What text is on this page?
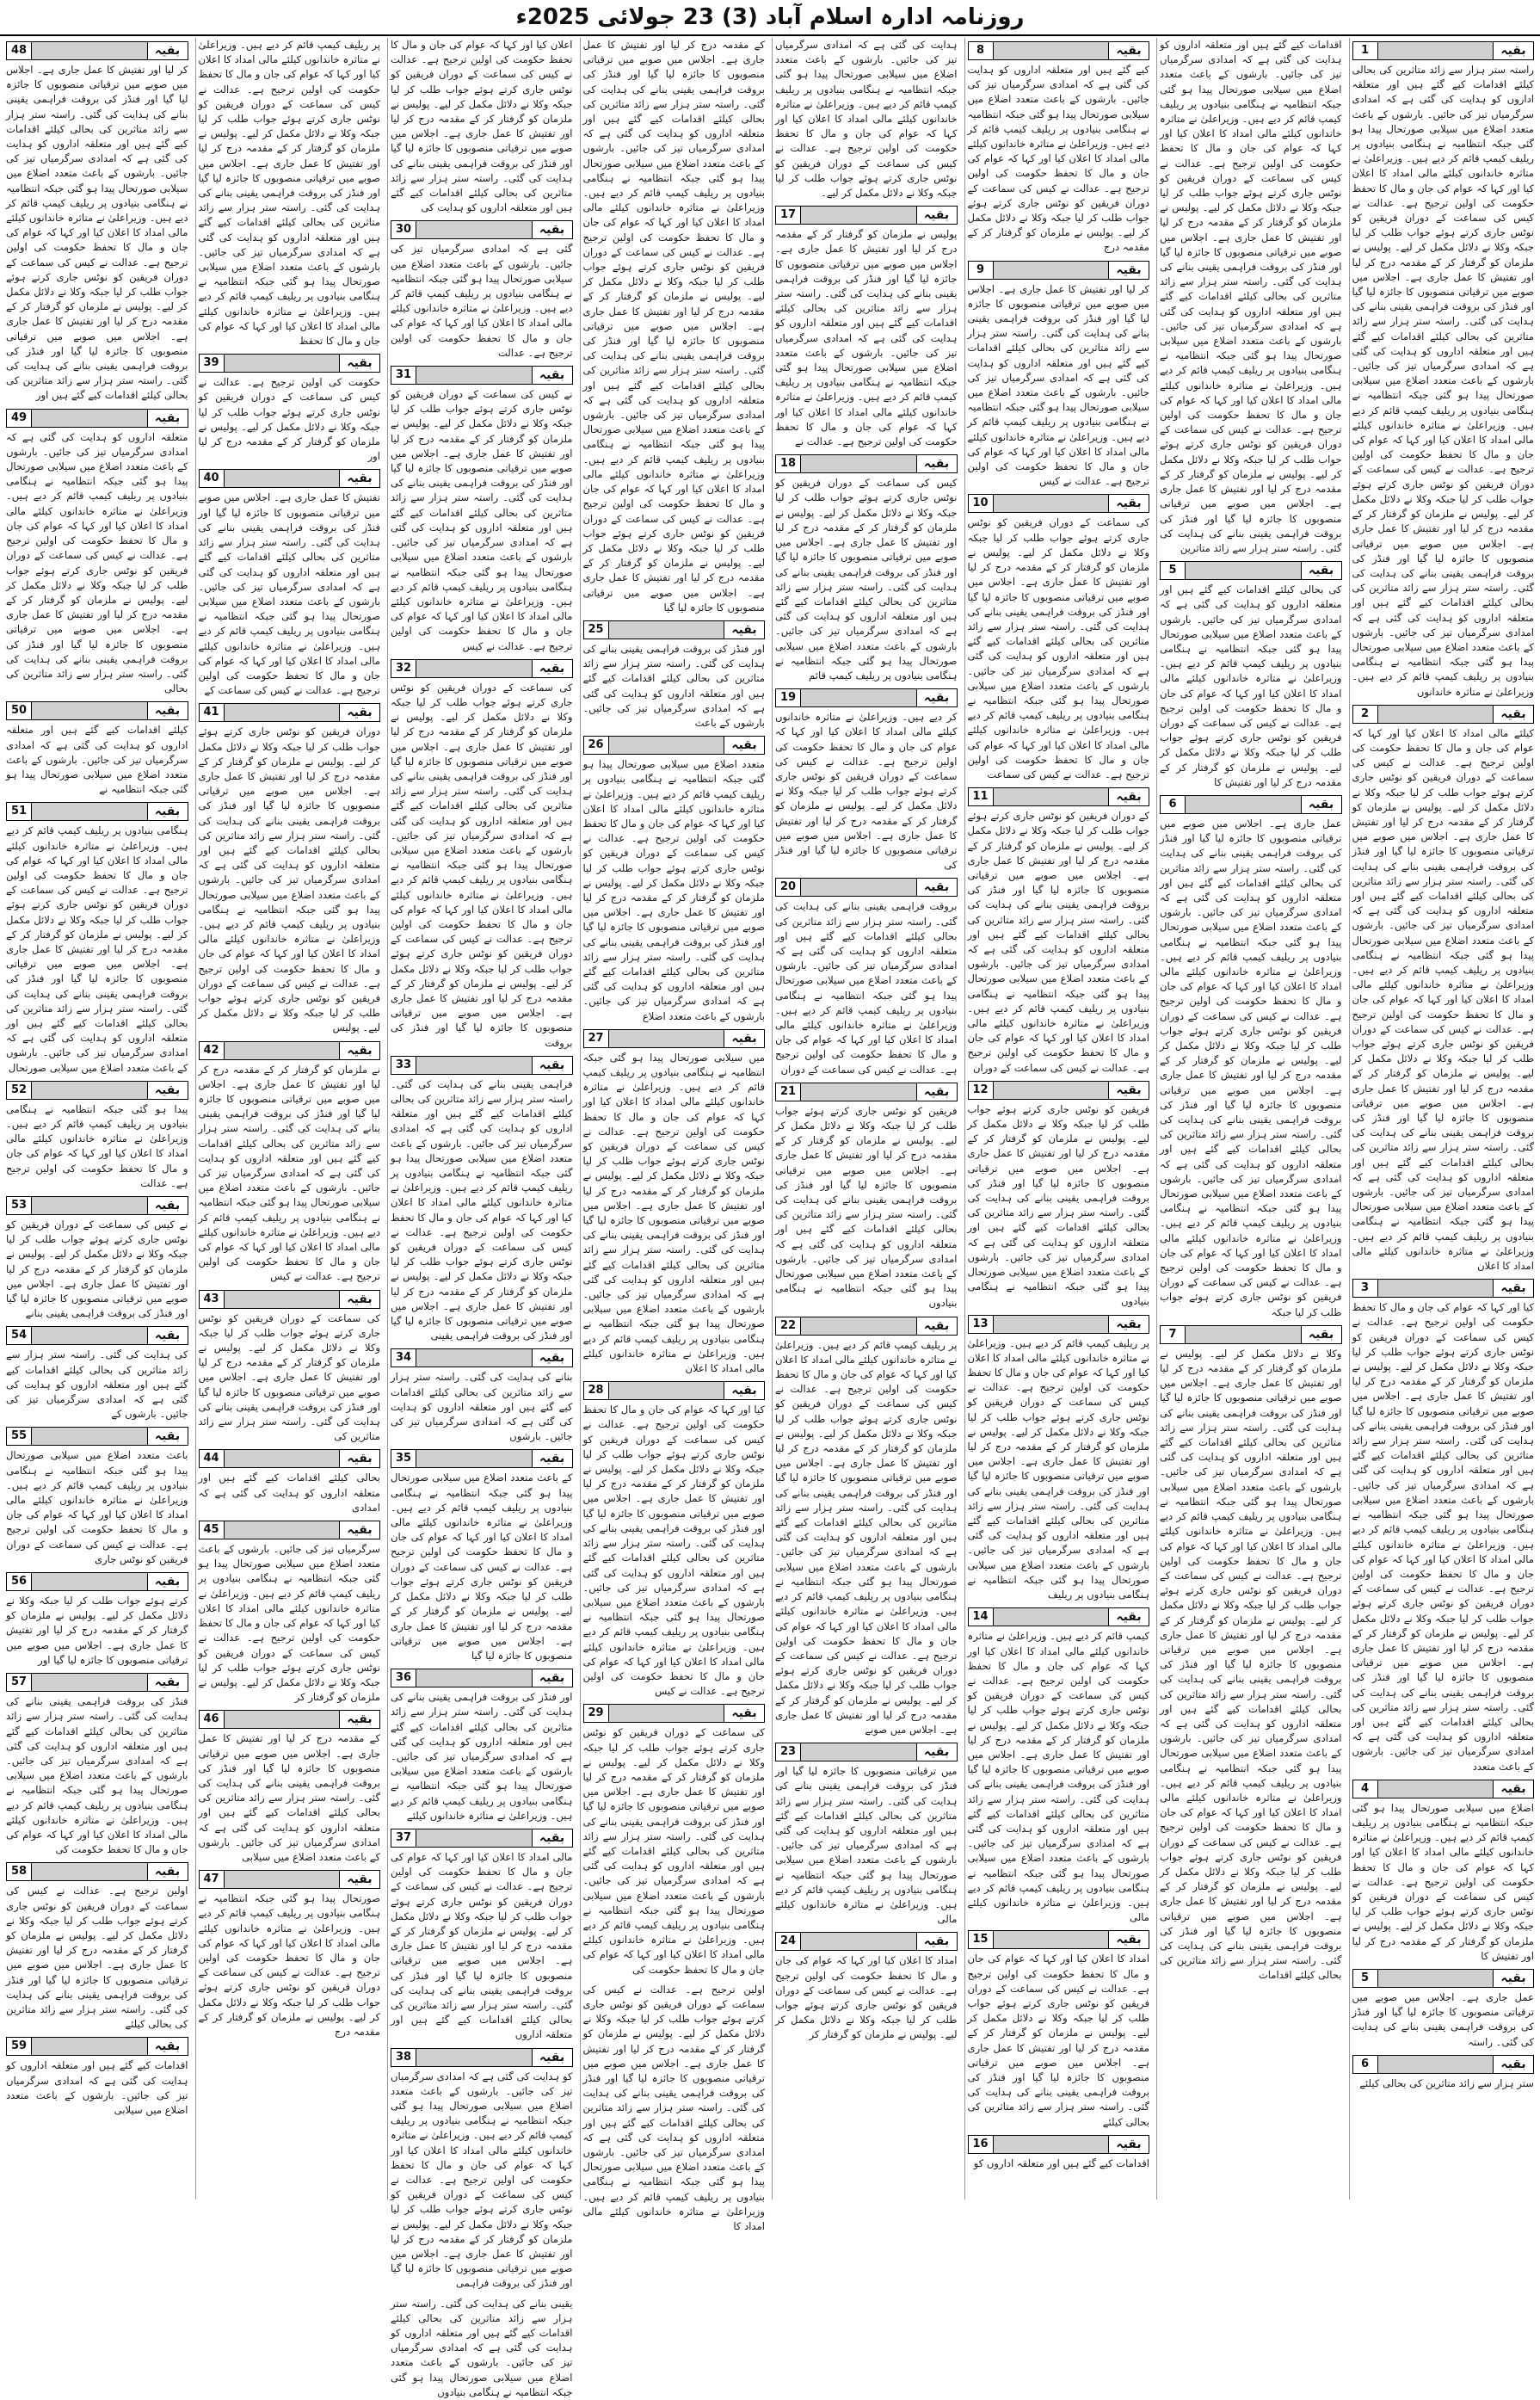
روزنامہ ادارہ اسلام آباد (3) 23 جولائی 2025ء
1	بقیہ
راستہ ستر ہزار سے زائد متاثرین کی بحالی کیلئے اقدامات کیے گئے ہیں اور متعلقہ اداروں کو ہدایت کی گئی ہے کہ امدادی سرگرمیاں تیز کی جائیں۔ بارشوں کے باعث متعدد اضلاع میں سیلابی صورتحال پیدا ہو گئی جبکہ انتظامیہ نے ہنگامی بنیادوں پر ریلیف کیمپ قائم کر دیے ہیں۔ وزیراعلیٰ نے متاثرہ خاندانوں کیلئے مالی امداد کا اعلان کیا اور کہا کہ عوام کی جان و مال کا تحفظ حکومت کی اولین ترجیح ہے۔ عدالت نے کیس کی سماعت کے دوران فریقین کو نوٹس جاری کرتے ہوئے جواب طلب کر لیا جبکہ وکلا نے دلائل مکمل کر لیے۔ پولیس نے ملزمان کو گرفتار کر کے مقدمہ درج کر لیا اور تفتیش کا عمل جاری ہے۔ اجلاس میں صوبے میں ترقیاتی منصوبوں کا جائزہ لیا گیا اور فنڈز کی بروقت فراہمی یقینی بنانے کی ہدایت کی گئی۔ راستہ ستر ہزار سے زائد متاثرین کی بحالی کیلئے اقدامات کیے گئے ہیں اور متعلقہ اداروں کو ہدایت کی گئی ہے کہ امدادی سرگرمیاں تیز کی جائیں۔ بارشوں کے باعث متعدد اضلاع میں سیلابی صورتحال پیدا ہو گئی جبکہ انتظامیہ نے ہنگامی بنیادوں پر ریلیف کیمپ قائم کر دیے ہیں۔ وزیراعلیٰ نے متاثرہ خاندانوں کیلئے مالی امداد کا اعلان کیا اور کہا کہ عوام کی جان و مال کا تحفظ حکومت کی اولین ترجیح ہے۔ عدالت نے کیس کی سماعت کے دوران فریقین کو نوٹس جاری کرتے ہوئے جواب طلب کر لیا جبکہ وکلا نے دلائل مکمل کر لیے۔ پولیس نے ملزمان کو گرفتار کر کے مقدمہ درج کر لیا اور تفتیش کا عمل جاری ہے۔ اجلاس میں صوبے میں ترقیاتی منصوبوں کا جائزہ لیا گیا اور فنڈز کی بروقت فراہمی یقینی بنانے کی ہدایت کی گئی۔ راستہ ستر ہزار سے زائد متاثرین کی بحالی کیلئے اقدامات کیے گئے ہیں اور متعلقہ اداروں کو ہدایت کی گئی ہے کہ امدادی سرگرمیاں تیز کی جائیں۔ بارشوں کے باعث متعدد اضلاع میں سیلابی صورتحال پیدا ہو گئی جبکہ انتظامیہ نے ہنگامی بنیادوں پر ریلیف کیمپ قائم کر دیے ہیں۔ وزیراعلیٰ نے متاثرہ خاندانوں
2	بقیہ
کیلئے مالی امداد کا اعلان کیا اور کہا کہ عوام کی جان و مال کا تحفظ حکومت کی اولین ترجیح ہے۔ عدالت نے کیس کی سماعت کے دوران فریقین کو نوٹس جاری کرتے ہوئے جواب طلب کر لیا جبکہ وکلا نے دلائل مکمل کر لیے۔ پولیس نے ملزمان کو گرفتار کر کے مقدمہ درج کر لیا اور تفتیش کا عمل جاری ہے۔ اجلاس میں صوبے میں ترقیاتی منصوبوں کا جائزہ لیا گیا اور فنڈز کی بروقت فراہمی یقینی بنانے کی ہدایت کی گئی۔ راستہ ستر ہزار سے زائد متاثرین کی بحالی کیلئے اقدامات کیے گئے ہیں اور متعلقہ اداروں کو ہدایت کی گئی ہے کہ امدادی سرگرمیاں تیز کی جائیں۔ بارشوں کے باعث متعدد اضلاع میں سیلابی صورتحال پیدا ہو گئی جبکہ انتظامیہ نے ہنگامی بنیادوں پر ریلیف کیمپ قائم کر دیے ہیں۔ وزیراعلیٰ نے متاثرہ خاندانوں کیلئے مالی امداد کا اعلان کیا اور کہا کہ عوام کی جان و مال کا تحفظ حکومت کی اولین ترجیح ہے۔ عدالت نے کیس کی سماعت کے دوران فریقین کو نوٹس جاری کرتے ہوئے جواب طلب کر لیا جبکہ وکلا نے دلائل مکمل کر لیے۔ پولیس نے ملزمان کو گرفتار کر کے مقدمہ درج کر لیا اور تفتیش کا عمل جاری ہے۔ اجلاس میں صوبے میں ترقیاتی منصوبوں کا جائزہ لیا گیا اور فنڈز کی بروقت فراہمی یقینی بنانے کی ہدایت کی گئی۔ راستہ ستر ہزار سے زائد متاثرین کی بحالی کیلئے اقدامات کیے گئے ہیں اور متعلقہ اداروں کو ہدایت کی گئی ہے کہ امدادی سرگرمیاں تیز کی جائیں۔ بارشوں کے باعث متعدد اضلاع میں سیلابی صورتحال پیدا ہو گئی جبکہ انتظامیہ نے ہنگامی بنیادوں پر ریلیف کیمپ قائم کر دیے ہیں۔ وزیراعلیٰ نے متاثرہ خاندانوں کیلئے مالی امداد کا اعلان
3	بقیہ
کیا اور کہا کہ عوام کی جان و مال کا تحفظ حکومت کی اولین ترجیح ہے۔ عدالت نے کیس کی سماعت کے دوران فریقین کو نوٹس جاری کرتے ہوئے جواب طلب کر لیا جبکہ وکلا نے دلائل مکمل کر لیے۔ پولیس نے ملزمان کو گرفتار کر کے مقدمہ درج کر لیا اور تفتیش کا عمل جاری ہے۔ اجلاس میں صوبے میں ترقیاتی منصوبوں کا جائزہ لیا گیا اور فنڈز کی بروقت فراہمی یقینی بنانے کی ہدایت کی گئی۔ راستہ ستر ہزار سے زائد متاثرین کی بحالی کیلئے اقدامات کیے گئے ہیں اور متعلقہ اداروں کو ہدایت کی گئی ہے کہ امدادی سرگرمیاں تیز کی جائیں۔ بارشوں کے باعث متعدد اضلاع میں سیلابی صورتحال پیدا ہو گئی جبکہ انتظامیہ نے ہنگامی بنیادوں پر ریلیف کیمپ قائم کر دیے ہیں۔ وزیراعلیٰ نے متاثرہ خاندانوں کیلئے مالی امداد کا اعلان کیا اور کہا کہ عوام کی جان و مال کا تحفظ حکومت کی اولین ترجیح ہے۔ عدالت نے کیس کی سماعت کے دوران فریقین کو نوٹس جاری کرتے ہوئے جواب طلب کر لیا جبکہ وکلا نے دلائل مکمل کر لیے۔ پولیس نے ملزمان کو گرفتار کر کے مقدمہ درج کر لیا اور تفتیش کا عمل جاری ہے۔ اجلاس میں صوبے میں ترقیاتی منصوبوں کا جائزہ لیا گیا اور فنڈز کی بروقت فراہمی یقینی بنانے کی ہدایت کی گئی۔ راستہ ستر ہزار سے زائد متاثرین کی بحالی کیلئے اقدامات کیے گئے ہیں اور متعلقہ اداروں کو ہدایت کی گئی ہے کہ امدادی سرگرمیاں تیز کی جائیں۔ بارشوں کے باعث متعدد
4	بقیہ
اضلاع میں سیلابی صورتحال پیدا ہو گئی جبکہ انتظامیہ نے ہنگامی بنیادوں پر ریلیف کیمپ قائم کر دیے ہیں۔ وزیراعلیٰ نے متاثرہ خاندانوں کیلئے مالی امداد کا اعلان کیا اور کہا کہ عوام کی جان و مال کا تحفظ حکومت کی اولین ترجیح ہے۔ عدالت نے کیس کی سماعت کے دوران فریقین کو نوٹس جاری کرتے ہوئے جواب طلب کر لیا جبکہ وکلا نے دلائل مکمل کر لیے۔ پولیس نے ملزمان کو گرفتار کر کے مقدمہ درج کر لیا اور تفتیش کا
5	بقیہ
عمل جاری ہے۔ اجلاس میں صوبے میں ترقیاتی منصوبوں کا جائزہ لیا گیا اور فنڈز کی بروقت فراہمی یقینی بنانے کی ہدایت کی گئی۔ راستہ
6	بقیہ
ستر ہزار سے زائد متاثرین کی بحالی کیلئے
اقدامات کیے گئے ہیں اور متعلقہ اداروں کو ہدایت کی گئی ہے کہ امدادی سرگرمیاں تیز کی جائیں۔ بارشوں کے باعث متعدد اضلاع میں سیلابی صورتحال پیدا ہو گئی جبکہ انتظامیہ نے ہنگامی بنیادوں پر ریلیف کیمپ قائم کر دیے ہیں۔ وزیراعلیٰ نے متاثرہ خاندانوں کیلئے مالی امداد کا اعلان کیا اور کہا کہ عوام کی جان و مال کا تحفظ حکومت کی اولین ترجیح ہے۔ عدالت نے کیس کی سماعت کے دوران فریقین کو نوٹس جاری کرتے ہوئے جواب طلب کر لیا جبکہ وکلا نے دلائل مکمل کر لیے۔ پولیس نے ملزمان کو گرفتار کر کے مقدمہ درج کر لیا اور تفتیش کا عمل جاری ہے۔ اجلاس میں صوبے میں ترقیاتی منصوبوں کا جائزہ لیا گیا اور فنڈز کی بروقت فراہمی یقینی بنانے کی ہدایت کی گئی۔ راستہ ستر ہزار سے زائد متاثرین کی بحالی کیلئے اقدامات کیے گئے ہیں اور متعلقہ اداروں کو ہدایت کی گئی ہے کہ امدادی سرگرمیاں تیز کی جائیں۔ بارشوں کے باعث متعدد اضلاع میں سیلابی صورتحال پیدا ہو گئی جبکہ انتظامیہ نے ہنگامی بنیادوں پر ریلیف کیمپ قائم کر دیے ہیں۔ وزیراعلیٰ نے متاثرہ خاندانوں کیلئے مالی امداد کا اعلان کیا اور کہا کہ عوام کی جان و مال کا تحفظ حکومت کی اولین ترجیح ہے۔ عدالت نے کیس کی سماعت کے دوران فریقین کو نوٹس جاری کرتے ہوئے جواب طلب کر لیا جبکہ وکلا نے دلائل مکمل کر لیے۔ پولیس نے ملزمان کو گرفتار کر کے مقدمہ درج کر لیا اور تفتیش کا عمل جاری ہے۔ اجلاس میں صوبے میں ترقیاتی منصوبوں کا جائزہ لیا گیا اور فنڈز کی بروقت فراہمی یقینی بنانے کی ہدایت کی گئی۔ راستہ ستر ہزار سے زائد متاثرین
5	بقیہ
کی بحالی کیلئے اقدامات کیے گئے ہیں اور متعلقہ اداروں کو ہدایت کی گئی ہے کہ امدادی سرگرمیاں تیز کی جائیں۔ بارشوں کے باعث متعدد اضلاع میں سیلابی صورتحال پیدا ہو گئی جبکہ انتظامیہ نے ہنگامی بنیادوں پر ریلیف کیمپ قائم کر دیے ہیں۔ وزیراعلیٰ نے متاثرہ خاندانوں کیلئے مالی امداد کا اعلان کیا اور کہا کہ عوام کی جان و مال کا تحفظ حکومت کی اولین ترجیح ہے۔ عدالت نے کیس کی سماعت کے دوران فریقین کو نوٹس جاری کرتے ہوئے جواب طلب کر لیا جبکہ وکلا نے دلائل مکمل کر لیے۔ پولیس نے ملزمان کو گرفتار کر کے مقدمہ درج کر لیا اور تفتیش کا
6	بقیہ
عمل جاری ہے۔ اجلاس میں صوبے میں ترقیاتی منصوبوں کا جائزہ لیا گیا اور فنڈز کی بروقت فراہمی یقینی بنانے کی ہدایت کی گئی۔ راستہ ستر ہزار سے زائد متاثرین کی بحالی کیلئے اقدامات کیے گئے ہیں اور متعلقہ اداروں کو ہدایت کی گئی ہے کہ امدادی سرگرمیاں تیز کی جائیں۔ بارشوں کے باعث متعدد اضلاع میں سیلابی صورتحال پیدا ہو گئی جبکہ انتظامیہ نے ہنگامی بنیادوں پر ریلیف کیمپ قائم کر دیے ہیں۔ وزیراعلیٰ نے متاثرہ خاندانوں کیلئے مالی امداد کا اعلان کیا اور کہا کہ عوام کی جان و مال کا تحفظ حکومت کی اولین ترجیح ہے۔ عدالت نے کیس کی سماعت کے دوران فریقین کو نوٹس جاری کرتے ہوئے جواب طلب کر لیا جبکہ وکلا نے دلائل مکمل کر لیے۔ پولیس نے ملزمان کو گرفتار کر کے مقدمہ درج کر لیا اور تفتیش کا عمل جاری ہے۔ اجلاس میں صوبے میں ترقیاتی منصوبوں کا جائزہ لیا گیا اور فنڈز کی بروقت فراہمی یقینی بنانے کی ہدایت کی گئی۔ راستہ ستر ہزار سے زائد متاثرین کی بحالی کیلئے اقدامات کیے گئے ہیں اور متعلقہ اداروں کو ہدایت کی گئی ہے کہ امدادی سرگرمیاں تیز کی جائیں۔ بارشوں کے باعث متعدد اضلاع میں سیلابی صورتحال پیدا ہو گئی جبکہ انتظامیہ نے ہنگامی بنیادوں پر ریلیف کیمپ قائم کر دیے ہیں۔ وزیراعلیٰ نے متاثرہ خاندانوں کیلئے مالی امداد کا اعلان کیا اور کہا کہ عوام کی جان و مال کا تحفظ حکومت کی اولین ترجیح ہے۔ عدالت نے کیس کی سماعت کے دوران فریقین کو نوٹس جاری کرتے ہوئے جواب طلب کر لیا جبکہ
7	بقیہ
وکلا نے دلائل مکمل کر لیے۔ پولیس نے ملزمان کو گرفتار کر کے مقدمہ درج کر لیا اور تفتیش کا عمل جاری ہے۔ اجلاس میں صوبے میں ترقیاتی منصوبوں کا جائزہ لیا گیا اور فنڈز کی بروقت فراہمی یقینی بنانے کی ہدایت کی گئی۔ راستہ ستر ہزار سے زائد متاثرین کی بحالی کیلئے اقدامات کیے گئے ہیں اور متعلقہ اداروں کو ہدایت کی گئی ہے کہ امدادی سرگرمیاں تیز کی جائیں۔ بارشوں کے باعث متعدد اضلاع میں سیلابی صورتحال پیدا ہو گئی جبکہ انتظامیہ نے ہنگامی بنیادوں پر ریلیف کیمپ قائم کر دیے ہیں۔ وزیراعلیٰ نے متاثرہ خاندانوں کیلئے مالی امداد کا اعلان کیا اور کہا کہ عوام کی جان و مال کا تحفظ حکومت کی اولین ترجیح ہے۔ عدالت نے کیس کی سماعت کے دوران فریقین کو نوٹس جاری کرتے ہوئے جواب طلب کر لیا جبکہ وکلا نے دلائل مکمل کر لیے۔ پولیس نے ملزمان کو گرفتار کر کے مقدمہ درج کر لیا اور تفتیش کا عمل جاری ہے۔ اجلاس میں صوبے میں ترقیاتی منصوبوں کا جائزہ لیا گیا اور فنڈز کی بروقت فراہمی یقینی بنانے کی ہدایت کی گئی۔ راستہ ستر ہزار سے زائد متاثرین کی بحالی کیلئے اقدامات کیے گئے ہیں اور متعلقہ اداروں کو ہدایت کی گئی ہے کہ امدادی سرگرمیاں تیز کی جائیں۔ بارشوں کے باعث متعدد اضلاع میں سیلابی صورتحال پیدا ہو گئی جبکہ انتظامیہ نے ہنگامی بنیادوں پر ریلیف کیمپ قائم کر دیے ہیں۔ وزیراعلیٰ نے متاثرہ خاندانوں کیلئے مالی امداد کا اعلان کیا اور کہا کہ عوام کی جان و مال کا تحفظ حکومت کی اولین ترجیح ہے۔ عدالت نے کیس کی سماعت کے دوران فریقین کو نوٹس جاری کرتے ہوئے جواب طلب کر لیا جبکہ وکلا نے دلائل مکمل کر لیے۔ پولیس نے ملزمان کو گرفتار کر کے مقدمہ درج کر لیا اور تفتیش کا عمل جاری ہے۔ اجلاس میں صوبے میں ترقیاتی منصوبوں کا جائزہ لیا گیا اور فنڈز کی بروقت فراہمی یقینی بنانے کی ہدایت کی گئی۔ راستہ ستر ہزار سے زائد متاثرین کی بحالی کیلئے اقدامات
8	بقیہ
کیے گئے ہیں اور متعلقہ اداروں کو ہدایت کی گئی ہے کہ امدادی سرگرمیاں تیز کی جائیں۔ بارشوں کے باعث متعدد اضلاع میں سیلابی صورتحال پیدا ہو گئی جبکہ انتظامیہ نے ہنگامی بنیادوں پر ریلیف کیمپ قائم کر دیے ہیں۔ وزیراعلیٰ نے متاثرہ خاندانوں کیلئے مالی امداد کا اعلان کیا اور کہا کہ عوام کی جان و مال کا تحفظ حکومت کی اولین ترجیح ہے۔ عدالت نے کیس کی سماعت کے دوران فریقین کو نوٹس جاری کرتے ہوئے جواب طلب کر لیا جبکہ وکلا نے دلائل مکمل کر لیے۔ پولیس نے ملزمان کو گرفتار کر کے مقدمہ درج
9	بقیہ
کر لیا اور تفتیش کا عمل جاری ہے۔ اجلاس میں صوبے میں ترقیاتی منصوبوں کا جائزہ لیا گیا اور فنڈز کی بروقت فراہمی یقینی بنانے کی ہدایت کی گئی۔ راستہ ستر ہزار سے زائد متاثرین کی بحالی کیلئے اقدامات کیے گئے ہیں اور متعلقہ اداروں کو ہدایت کی گئی ہے کہ امدادی سرگرمیاں تیز کی جائیں۔ بارشوں کے باعث متعدد اضلاع میں سیلابی صورتحال پیدا ہو گئی جبکہ انتظامیہ نے ہنگامی بنیادوں پر ریلیف کیمپ قائم کر دیے ہیں۔ وزیراعلیٰ نے متاثرہ خاندانوں کیلئے مالی امداد کا اعلان کیا اور کہا کہ عوام کی جان و مال کا تحفظ حکومت کی اولین ترجیح ہے۔ عدالت نے کیس
10	بقیہ
کی سماعت کے دوران فریقین کو نوٹس جاری کرتے ہوئے جواب طلب کر لیا جبکہ وکلا نے دلائل مکمل کر لیے۔ پولیس نے ملزمان کو گرفتار کر کے مقدمہ درج کر لیا اور تفتیش کا عمل جاری ہے۔ اجلاس میں صوبے میں ترقیاتی منصوبوں کا جائزہ لیا گیا اور فنڈز کی بروقت فراہمی یقینی بنانے کی ہدایت کی گئی۔ راستہ ستر ہزار سے زائد متاثرین کی بحالی کیلئے اقدامات کیے گئے ہیں اور متعلقہ اداروں کو ہدایت کی گئی ہے کہ امدادی سرگرمیاں تیز کی جائیں۔ بارشوں کے باعث متعدد اضلاع میں سیلابی صورتحال پیدا ہو گئی جبکہ انتظامیہ نے ہنگامی بنیادوں پر ریلیف کیمپ قائم کر دیے ہیں۔ وزیراعلیٰ نے متاثرہ خاندانوں کیلئے مالی امداد کا اعلان کیا اور کہا کہ عوام کی جان و مال کا تحفظ حکومت کی اولین ترجیح ہے۔ عدالت نے کیس کی سماعت
11	بقیہ
کے دوران فریقین کو نوٹس جاری کرتے ہوئے جواب طلب کر لیا جبکہ وکلا نے دلائل مکمل کر لیے۔ پولیس نے ملزمان کو گرفتار کر کے مقدمہ درج کر لیا اور تفتیش کا عمل جاری ہے۔ اجلاس میں صوبے میں ترقیاتی منصوبوں کا جائزہ لیا گیا اور فنڈز کی بروقت فراہمی یقینی بنانے کی ہدایت کی گئی۔ راستہ ستر ہزار سے زائد متاثرین کی بحالی کیلئے اقدامات کیے گئے ہیں اور متعلقہ اداروں کو ہدایت کی گئی ہے کہ امدادی سرگرمیاں تیز کی جائیں۔ بارشوں کے باعث متعدد اضلاع میں سیلابی صورتحال پیدا ہو گئی جبکہ انتظامیہ نے ہنگامی بنیادوں پر ریلیف کیمپ قائم کر دیے ہیں۔ وزیراعلیٰ نے متاثرہ خاندانوں کیلئے مالی امداد کا اعلان کیا اور کہا کہ عوام کی جان و مال کا تحفظ حکومت کی اولین ترجیح ہے۔ عدالت نے کیس کی سماعت کے دوران
12	بقیہ
فریقین کو نوٹس جاری کرتے ہوئے جواب طلب کر لیا جبکہ وکلا نے دلائل مکمل کر لیے۔ پولیس نے ملزمان کو گرفتار کر کے مقدمہ درج کر لیا اور تفتیش کا عمل جاری ہے۔ اجلاس میں صوبے میں ترقیاتی منصوبوں کا جائزہ لیا گیا اور فنڈز کی بروقت فراہمی یقینی بنانے کی ہدایت کی گئی۔ راستہ ستر ہزار سے زائد متاثرین کی بحالی کیلئے اقدامات کیے گئے ہیں اور متعلقہ اداروں کو ہدایت کی گئی ہے کہ امدادی سرگرمیاں تیز کی جائیں۔ بارشوں کے باعث متعدد اضلاع میں سیلابی صورتحال پیدا ہو گئی جبکہ انتظامیہ نے ہنگامی بنیادوں
13	بقیہ
پر ریلیف کیمپ قائم کر دیے ہیں۔ وزیراعلیٰ نے متاثرہ خاندانوں کیلئے مالی امداد کا اعلان کیا اور کہا کہ عوام کی جان و مال کا تحفظ حکومت کی اولین ترجیح ہے۔ عدالت نے کیس کی سماعت کے دوران فریقین کو نوٹس جاری کرتے ہوئے جواب طلب کر لیا جبکہ وکلا نے دلائل مکمل کر لیے۔ پولیس نے ملزمان کو گرفتار کر کے مقدمہ درج کر لیا اور تفتیش کا عمل جاری ہے۔ اجلاس میں صوبے میں ترقیاتی منصوبوں کا جائزہ لیا گیا اور فنڈز کی بروقت فراہمی یقینی بنانے کی ہدایت کی گئی۔ راستہ ستر ہزار سے زائد متاثرین کی بحالی کیلئے اقدامات کیے گئے ہیں اور متعلقہ اداروں کو ہدایت کی گئی ہے کہ امدادی سرگرمیاں تیز کی جائیں۔ بارشوں کے باعث متعدد اضلاع میں سیلابی صورتحال پیدا ہو گئی جبکہ انتظامیہ نے ہنگامی بنیادوں پر ریلیف
14	بقیہ
کیمپ قائم کر دیے ہیں۔ وزیراعلیٰ نے متاثرہ خاندانوں کیلئے مالی امداد کا اعلان کیا اور کہا کہ عوام کی جان و مال کا تحفظ حکومت کی اولین ترجیح ہے۔ عدالت نے کیس کی سماعت کے دوران فریقین کو نوٹس جاری کرتے ہوئے جواب طلب کر لیا جبکہ وکلا نے دلائل مکمل کر لیے۔ پولیس نے ملزمان کو گرفتار کر کے مقدمہ درج کر لیا اور تفتیش کا عمل جاری ہے۔ اجلاس میں صوبے میں ترقیاتی منصوبوں کا جائزہ لیا گیا اور فنڈز کی بروقت فراہمی یقینی بنانے کی ہدایت کی گئی۔ راستہ ستر ہزار سے زائد متاثرین کی بحالی کیلئے اقدامات کیے گئے ہیں اور متعلقہ اداروں کو ہدایت کی گئی ہے کہ امدادی سرگرمیاں تیز کی جائیں۔ بارشوں کے باعث متعدد اضلاع میں سیلابی صورتحال پیدا ہو گئی جبکہ انتظامیہ نے ہنگامی بنیادوں پر ریلیف کیمپ قائم کر دیے ہیں۔ وزیراعلیٰ نے متاثرہ خاندانوں کیلئے مالی
15	بقیہ
امداد کا اعلان کیا اور کہا کہ عوام کی جان و مال کا تحفظ حکومت کی اولین ترجیح ہے۔ عدالت نے کیس کی سماعت کے دوران فریقین کو نوٹس جاری کرتے ہوئے جواب طلب کر لیا جبکہ وکلا نے دلائل مکمل کر لیے۔ پولیس نے ملزمان کو گرفتار کر کے مقدمہ درج کر لیا اور تفتیش کا عمل جاری ہے۔ اجلاس میں صوبے میں ترقیاتی منصوبوں کا جائزہ لیا گیا اور فنڈز کی بروقت فراہمی یقینی بنانے کی ہدایت کی گئی۔ راستہ ستر ہزار سے زائد متاثرین کی بحالی کیلئے
16	بقیہ
اقدامات کیے گئے ہیں اور متعلقہ اداروں کو
ہدایت کی گئی ہے کہ امدادی سرگرمیاں تیز کی جائیں۔ بارشوں کے باعث متعدد اضلاع میں سیلابی صورتحال پیدا ہو گئی جبکہ انتظامیہ نے ہنگامی بنیادوں پر ریلیف کیمپ قائم کر دیے ہیں۔ وزیراعلیٰ نے متاثرہ خاندانوں کیلئے مالی امداد کا اعلان کیا اور کہا کہ عوام کی جان و مال کا تحفظ حکومت کی اولین ترجیح ہے۔ عدالت نے کیس کی سماعت کے دوران فریقین کو نوٹس جاری کرتے ہوئے جواب طلب کر لیا جبکہ وکلا نے دلائل مکمل کر لیے۔
17	بقیہ
پولیس نے ملزمان کو گرفتار کر کے مقدمہ درج کر لیا اور تفتیش کا عمل جاری ہے۔ اجلاس میں صوبے میں ترقیاتی منصوبوں کا جائزہ لیا گیا اور فنڈز کی بروقت فراہمی یقینی بنانے کی ہدایت کی گئی۔ راستہ ستر ہزار سے زائد متاثرین کی بحالی کیلئے اقدامات کیے گئے ہیں اور متعلقہ اداروں کو ہدایت کی گئی ہے کہ امدادی سرگرمیاں تیز کی جائیں۔ بارشوں کے باعث متعدد اضلاع میں سیلابی صورتحال پیدا ہو گئی جبکہ انتظامیہ نے ہنگامی بنیادوں پر ریلیف کیمپ قائم کر دیے ہیں۔ وزیراعلیٰ نے متاثرہ خاندانوں کیلئے مالی امداد کا اعلان کیا اور کہا کہ عوام کی جان و مال کا تحفظ حکومت کی اولین ترجیح ہے۔ عدالت نے
18	بقیہ
کیس کی سماعت کے دوران فریقین کو نوٹس جاری کرتے ہوئے جواب طلب کر لیا جبکہ وکلا نے دلائل مکمل کر لیے۔ پولیس نے ملزمان کو گرفتار کر کے مقدمہ درج کر لیا اور تفتیش کا عمل جاری ہے۔ اجلاس میں صوبے میں ترقیاتی منصوبوں کا جائزہ لیا گیا اور فنڈز کی بروقت فراہمی یقینی بنانے کی ہدایت کی گئی۔ راستہ ستر ہزار سے زائد متاثرین کی بحالی کیلئے اقدامات کیے گئے ہیں اور متعلقہ اداروں کو ہدایت کی گئی ہے کہ امدادی سرگرمیاں تیز کی جائیں۔ بارشوں کے باعث متعدد اضلاع میں سیلابی صورتحال پیدا ہو گئی جبکہ انتظامیہ نے ہنگامی بنیادوں پر ریلیف کیمپ قائم
19	بقیہ
کر دیے ہیں۔ وزیراعلیٰ نے متاثرہ خاندانوں کیلئے مالی امداد کا اعلان کیا اور کہا کہ عوام کی جان و مال کا تحفظ حکومت کی اولین ترجیح ہے۔ عدالت نے کیس کی سماعت کے دوران فریقین کو نوٹس جاری کرتے ہوئے جواب طلب کر لیا جبکہ وکلا نے دلائل مکمل کر لیے۔ پولیس نے ملزمان کو گرفتار کر کے مقدمہ درج کر لیا اور تفتیش کا عمل جاری ہے۔ اجلاس میں صوبے میں ترقیاتی منصوبوں کا جائزہ لیا گیا اور فنڈز کی
20	بقیہ
بروقت فراہمی یقینی بنانے کی ہدایت کی گئی۔ راستہ ستر ہزار سے زائد متاثرین کی بحالی کیلئے اقدامات کیے گئے ہیں اور متعلقہ اداروں کو ہدایت کی گئی ہے کہ امدادی سرگرمیاں تیز کی جائیں۔ بارشوں کے باعث متعدد اضلاع میں سیلابی صورتحال پیدا ہو گئی جبکہ انتظامیہ نے ہنگامی بنیادوں پر ریلیف کیمپ قائم کر دیے ہیں۔ وزیراعلیٰ نے متاثرہ خاندانوں کیلئے مالی امداد کا اعلان کیا اور کہا کہ عوام کی جان و مال کا تحفظ حکومت کی اولین ترجیح ہے۔ عدالت نے کیس کی سماعت کے دوران
21	بقیہ
فریقین کو نوٹس جاری کرتے ہوئے جواب طلب کر لیا جبکہ وکلا نے دلائل مکمل کر لیے۔ پولیس نے ملزمان کو گرفتار کر کے مقدمہ درج کر لیا اور تفتیش کا عمل جاری ہے۔ اجلاس میں صوبے میں ترقیاتی منصوبوں کا جائزہ لیا گیا اور فنڈز کی بروقت فراہمی یقینی بنانے کی ہدایت کی گئی۔ راستہ ستر ہزار سے زائد متاثرین کی بحالی کیلئے اقدامات کیے گئے ہیں اور متعلقہ اداروں کو ہدایت کی گئی ہے کہ امدادی سرگرمیاں تیز کی جائیں۔ بارشوں کے باعث متعدد اضلاع میں سیلابی صورتحال پیدا ہو گئی جبکہ انتظامیہ نے ہنگامی بنیادوں
22	بقیہ
پر ریلیف کیمپ قائم کر دیے ہیں۔ وزیراعلیٰ نے متاثرہ خاندانوں کیلئے مالی امداد کا اعلان کیا اور کہا کہ عوام کی جان و مال کا تحفظ حکومت کی اولین ترجیح ہے۔ عدالت نے کیس کی سماعت کے دوران فریقین کو نوٹس جاری کرتے ہوئے جواب طلب کر لیا جبکہ وکلا نے دلائل مکمل کر لیے۔ پولیس نے ملزمان کو گرفتار کر کے مقدمہ درج کر لیا اور تفتیش کا عمل جاری ہے۔ اجلاس میں صوبے میں ترقیاتی منصوبوں کا جائزہ لیا گیا اور فنڈز کی بروقت فراہمی یقینی بنانے کی ہدایت کی گئی۔ راستہ ستر ہزار سے زائد متاثرین کی بحالی کیلئے اقدامات کیے گئے ہیں اور متعلقہ اداروں کو ہدایت کی گئی ہے کہ امدادی سرگرمیاں تیز کی جائیں۔ بارشوں کے باعث متعدد اضلاع میں سیلابی صورتحال پیدا ہو گئی جبکہ انتظامیہ نے ہنگامی بنیادوں پر ریلیف کیمپ قائم کر دیے ہیں۔ وزیراعلیٰ نے متاثرہ خاندانوں کیلئے مالی امداد کا اعلان کیا اور کہا کہ عوام کی جان و مال کا تحفظ حکومت کی اولین ترجیح ہے۔ عدالت نے کیس کی سماعت کے دوران فریقین کو نوٹس جاری کرتے ہوئے جواب طلب کر لیا جبکہ وکلا نے دلائل مکمل کر لیے۔ پولیس نے ملزمان کو گرفتار کر کے مقدمہ درج کر لیا اور تفتیش کا عمل جاری ہے۔ اجلاس میں صوبے
23	بقیہ
میں ترقیاتی منصوبوں کا جائزہ لیا گیا اور فنڈز کی بروقت فراہمی یقینی بنانے کی ہدایت کی گئی۔ راستہ ستر ہزار سے زائد متاثرین کی بحالی کیلئے اقدامات کیے گئے ہیں اور متعلقہ اداروں کو ہدایت کی گئی ہے کہ امدادی سرگرمیاں تیز کی جائیں۔ بارشوں کے باعث متعدد اضلاع میں سیلابی صورتحال پیدا ہو گئی جبکہ انتظامیہ نے ہنگامی بنیادوں پر ریلیف کیمپ قائم کر دیے ہیں۔ وزیراعلیٰ نے متاثرہ خاندانوں کیلئے مالی
24	بقیہ
امداد کا اعلان کیا اور کہا کہ عوام کی جان و مال کا تحفظ حکومت کی اولین ترجیح ہے۔ عدالت نے کیس کی سماعت کے دوران فریقین کو نوٹس جاری کرتے ہوئے جواب طلب کر لیا جبکہ وکلا نے دلائل مکمل کر لیے۔ پولیس نے ملزمان کو گرفتار کر
کے مقدمہ درج کر لیا اور تفتیش کا عمل جاری ہے۔ اجلاس میں صوبے میں ترقیاتی منصوبوں کا جائزہ لیا گیا اور فنڈز کی بروقت فراہمی یقینی بنانے کی ہدایت کی گئی۔ راستہ ستر ہزار سے زائد متاثرین کی بحالی کیلئے اقدامات کیے گئے ہیں اور متعلقہ اداروں کو ہدایت کی گئی ہے کہ امدادی سرگرمیاں تیز کی جائیں۔ بارشوں کے باعث متعدد اضلاع میں سیلابی صورتحال پیدا ہو گئی جبکہ انتظامیہ نے ہنگامی بنیادوں پر ریلیف کیمپ قائم کر دیے ہیں۔ وزیراعلیٰ نے متاثرہ خاندانوں کیلئے مالی امداد کا اعلان کیا اور کہا کہ عوام کی جان و مال کا تحفظ حکومت کی اولین ترجیح ہے۔ عدالت نے کیس کی سماعت کے دوران فریقین کو نوٹس جاری کرتے ہوئے جواب طلب کر لیا جبکہ وکلا نے دلائل مکمل کر لیے۔ پولیس نے ملزمان کو گرفتار کر کے مقدمہ درج کر لیا اور تفتیش کا عمل جاری ہے۔ اجلاس میں صوبے میں ترقیاتی منصوبوں کا جائزہ لیا گیا اور فنڈز کی بروقت فراہمی یقینی بنانے کی ہدایت کی گئی۔ راستہ ستر ہزار سے زائد متاثرین کی بحالی کیلئے اقدامات کیے گئے ہیں اور متعلقہ اداروں کو ہدایت کی گئی ہے کہ امدادی سرگرمیاں تیز کی جائیں۔ بارشوں کے باعث متعدد اضلاع میں سیلابی صورتحال پیدا ہو گئی جبکہ انتظامیہ نے ہنگامی بنیادوں پر ریلیف کیمپ قائم کر دیے ہیں۔ وزیراعلیٰ نے متاثرہ خاندانوں کیلئے مالی امداد کا اعلان کیا اور کہا کہ عوام کی جان و مال کا تحفظ حکومت کی اولین ترجیح ہے۔ عدالت نے کیس کی سماعت کے دوران فریقین کو نوٹس جاری کرتے ہوئے جواب طلب کر لیا جبکہ وکلا نے دلائل مکمل کر لیے۔ پولیس نے ملزمان کو گرفتار کر کے مقدمہ درج کر لیا اور تفتیش کا عمل جاری ہے۔ اجلاس میں صوبے میں ترقیاتی منصوبوں کا جائزہ لیا گیا
25	بقیہ
اور فنڈز کی بروقت فراہمی یقینی بنانے کی ہدایت کی گئی۔ راستہ ستر ہزار سے زائد متاثرین کی بحالی کیلئے اقدامات کیے گئے ہیں اور متعلقہ اداروں کو ہدایت کی گئی ہے کہ امدادی سرگرمیاں تیز کی جائیں۔ بارشوں کے باعث
26	بقیہ
متعدد اضلاع میں سیلابی صورتحال پیدا ہو گئی جبکہ انتظامیہ نے ہنگامی بنیادوں پر ریلیف کیمپ قائم کر دیے ہیں۔ وزیراعلیٰ نے متاثرہ خاندانوں کیلئے مالی امداد کا اعلان کیا اور کہا کہ عوام کی جان و مال کا تحفظ حکومت کی اولین ترجیح ہے۔ عدالت نے کیس کی سماعت کے دوران فریقین کو نوٹس جاری کرتے ہوئے جواب طلب کر لیا جبکہ وکلا نے دلائل مکمل کر لیے۔ پولیس نے ملزمان کو گرفتار کر کے مقدمہ درج کر لیا اور تفتیش کا عمل جاری ہے۔ اجلاس میں صوبے میں ترقیاتی منصوبوں کا جائزہ لیا گیا اور فنڈز کی بروقت فراہمی یقینی بنانے کی ہدایت کی گئی۔ راستہ ستر ہزار سے زائد متاثرین کی بحالی کیلئے اقدامات کیے گئے ہیں اور متعلقہ اداروں کو ہدایت کی گئی ہے کہ امدادی سرگرمیاں تیز کی جائیں۔ بارشوں کے باعث متعدد اضلاع
27	بقیہ
میں سیلابی صورتحال پیدا ہو گئی جبکہ انتظامیہ نے ہنگامی بنیادوں پر ریلیف کیمپ قائم کر دیے ہیں۔ وزیراعلیٰ نے متاثرہ خاندانوں کیلئے مالی امداد کا اعلان کیا اور کہا کہ عوام کی جان و مال کا تحفظ حکومت کی اولین ترجیح ہے۔ عدالت نے کیس کی سماعت کے دوران فریقین کو نوٹس جاری کرتے ہوئے جواب طلب کر لیا جبکہ وکلا نے دلائل مکمل کر لیے۔ پولیس نے ملزمان کو گرفتار کر کے مقدمہ درج کر لیا اور تفتیش کا عمل جاری ہے۔ اجلاس میں صوبے میں ترقیاتی منصوبوں کا جائزہ لیا گیا اور فنڈز کی بروقت فراہمی یقینی بنانے کی ہدایت کی گئی۔ راستہ ستر ہزار سے زائد متاثرین کی بحالی کیلئے اقدامات کیے گئے ہیں اور متعلقہ اداروں کو ہدایت کی گئی ہے کہ امدادی سرگرمیاں تیز کی جائیں۔ بارشوں کے باعث متعدد اضلاع میں سیلابی صورتحال پیدا ہو گئی جبکہ انتظامیہ نے ہنگامی بنیادوں پر ریلیف کیمپ قائم کر دیے ہیں۔ وزیراعلیٰ نے متاثرہ خاندانوں کیلئے مالی امداد کا اعلان
28	بقیہ
کیا اور کہا کہ عوام کی جان و مال کا تحفظ حکومت کی اولین ترجیح ہے۔ عدالت نے کیس کی سماعت کے دوران فریقین کو نوٹس جاری کرتے ہوئے جواب طلب کر لیا جبکہ وکلا نے دلائل مکمل کر لیے۔ پولیس نے ملزمان کو گرفتار کر کے مقدمہ درج کر لیا اور تفتیش کا عمل جاری ہے۔ اجلاس میں صوبے میں ترقیاتی منصوبوں کا جائزہ لیا گیا اور فنڈز کی بروقت فراہمی یقینی بنانے کی ہدایت کی گئی۔ راستہ ستر ہزار سے زائد متاثرین کی بحالی کیلئے اقدامات کیے گئے ہیں اور متعلقہ اداروں کو ہدایت کی گئی ہے کہ امدادی سرگرمیاں تیز کی جائیں۔ بارشوں کے باعث متعدد اضلاع میں سیلابی صورتحال پیدا ہو گئی جبکہ انتظامیہ نے ہنگامی بنیادوں پر ریلیف کیمپ قائم کر دیے ہیں۔ وزیراعلیٰ نے متاثرہ خاندانوں کیلئے مالی امداد کا اعلان کیا اور کہا کہ عوام کی جان و مال کا تحفظ حکومت کی اولین ترجیح ہے۔ عدالت نے کیس
29	بقیہ
کی سماعت کے دوران فریقین کو نوٹس جاری کرتے ہوئے جواب طلب کر لیا جبکہ وکلا نے دلائل مکمل کر لیے۔ پولیس نے ملزمان کو گرفتار کر کے مقدمہ درج کر لیا اور تفتیش کا عمل جاری ہے۔ اجلاس میں صوبے میں ترقیاتی منصوبوں کا جائزہ لیا گیا اور فنڈز کی بروقت فراہمی یقینی بنانے کی ہدایت کی گئی۔ راستہ ستر ہزار سے زائد متاثرین کی بحالی کیلئے اقدامات کیے گئے ہیں اور متعلقہ اداروں کو ہدایت کی گئی ہے کہ امدادی سرگرمیاں تیز کی جائیں۔ بارشوں کے باعث متعدد اضلاع میں سیلابی صورتحال پیدا ہو گئی جبکہ انتظامیہ نے ہنگامی بنیادوں پر ریلیف کیمپ قائم کر دیے ہیں۔ وزیراعلیٰ نے متاثرہ خاندانوں کیلئے مالی امداد کا اعلان کیا اور کہا کہ عوام کی جان و مال کا تحفظ حکومت کی
اولین ترجیح ہے۔ عدالت نے کیس کی سماعت کے دوران فریقین کو نوٹس جاری کرتے ہوئے جواب طلب کر لیا جبکہ وکلا نے دلائل مکمل کر لیے۔ پولیس نے ملزمان کو گرفتار کر کے مقدمہ درج کر لیا اور تفتیش کا عمل جاری ہے۔ اجلاس میں صوبے میں ترقیاتی منصوبوں کا جائزہ لیا گیا اور فنڈز کی بروقت فراہمی یقینی بنانے کی ہدایت کی گئی۔ راستہ ستر ہزار سے زائد متاثرین کی بحالی کیلئے اقدامات کیے گئے ہیں اور متعلقہ اداروں کو ہدایت کی گئی ہے کہ امدادی سرگرمیاں تیز کی جائیں۔ بارشوں کے باعث متعدد اضلاع میں سیلابی صورتحال پیدا ہو گئی جبکہ انتظامیہ نے ہنگامی بنیادوں پر ریلیف کیمپ قائم کر دیے ہیں۔ وزیراعلیٰ نے متاثرہ خاندانوں کیلئے مالی امداد کا
اعلان کیا اور کہا کہ عوام کی جان و مال کا تحفظ حکومت کی اولین ترجیح ہے۔ عدالت نے کیس کی سماعت کے دوران فریقین کو نوٹس جاری کرتے ہوئے جواب طلب کر لیا جبکہ وکلا نے دلائل مکمل کر لیے۔ پولیس نے ملزمان کو گرفتار کر کے مقدمہ درج کر لیا اور تفتیش کا عمل جاری ہے۔ اجلاس میں صوبے میں ترقیاتی منصوبوں کا جائزہ لیا گیا اور فنڈز کی بروقت فراہمی یقینی بنانے کی ہدایت کی گئی۔ راستہ ستر ہزار سے زائد متاثرین کی بحالی کیلئے اقدامات کیے گئے ہیں اور متعلقہ اداروں کو ہدایت کی
30	بقیہ
گئی ہے کہ امدادی سرگرمیاں تیز کی جائیں۔ بارشوں کے باعث متعدد اضلاع میں سیلابی صورتحال پیدا ہو گئی جبکہ انتظامیہ نے ہنگامی بنیادوں پر ریلیف کیمپ قائم کر دیے ہیں۔ وزیراعلیٰ نے متاثرہ خاندانوں کیلئے مالی امداد کا اعلان کیا اور کہا کہ عوام کی جان و مال کا تحفظ حکومت کی اولین ترجیح ہے۔ عدالت
31	بقیہ
نے کیس کی سماعت کے دوران فریقین کو نوٹس جاری کرتے ہوئے جواب طلب کر لیا جبکہ وکلا نے دلائل مکمل کر لیے۔ پولیس نے ملزمان کو گرفتار کر کے مقدمہ درج کر لیا اور تفتیش کا عمل جاری ہے۔ اجلاس میں صوبے میں ترقیاتی منصوبوں کا جائزہ لیا گیا اور فنڈز کی بروقت فراہمی یقینی بنانے کی ہدایت کی گئی۔ راستہ ستر ہزار سے زائد متاثرین کی بحالی کیلئے اقدامات کیے گئے ہیں اور متعلقہ اداروں کو ہدایت کی گئی ہے کہ امدادی سرگرمیاں تیز کی جائیں۔ بارشوں کے باعث متعدد اضلاع میں سیلابی صورتحال پیدا ہو گئی جبکہ انتظامیہ نے ہنگامی بنیادوں پر ریلیف کیمپ قائم کر دیے ہیں۔ وزیراعلیٰ نے متاثرہ خاندانوں کیلئے مالی امداد کا اعلان کیا اور کہا کہ عوام کی جان و مال کا تحفظ حکومت کی اولین ترجیح ہے۔ عدالت نے کیس
32	بقیہ
کی سماعت کے دوران فریقین کو نوٹس جاری کرتے ہوئے جواب طلب کر لیا جبکہ وکلا نے دلائل مکمل کر لیے۔ پولیس نے ملزمان کو گرفتار کر کے مقدمہ درج کر لیا اور تفتیش کا عمل جاری ہے۔ اجلاس میں صوبے میں ترقیاتی منصوبوں کا جائزہ لیا گیا اور فنڈز کی بروقت فراہمی یقینی بنانے کی ہدایت کی گئی۔ راستہ ستر ہزار سے زائد متاثرین کی بحالی کیلئے اقدامات کیے گئے ہیں اور متعلقہ اداروں کو ہدایت کی گئی ہے کہ امدادی سرگرمیاں تیز کی جائیں۔ بارشوں کے باعث متعدد اضلاع میں سیلابی صورتحال پیدا ہو گئی جبکہ انتظامیہ نے ہنگامی بنیادوں پر ریلیف کیمپ قائم کر دیے ہیں۔ وزیراعلیٰ نے متاثرہ خاندانوں کیلئے مالی امداد کا اعلان کیا اور کہا کہ عوام کی جان و مال کا تحفظ حکومت کی اولین ترجیح ہے۔ عدالت نے کیس کی سماعت کے دوران فریقین کو نوٹس جاری کرتے ہوئے جواب طلب کر لیا جبکہ وکلا نے دلائل مکمل کر لیے۔ پولیس نے ملزمان کو گرفتار کر کے مقدمہ درج کر لیا اور تفتیش کا عمل جاری ہے۔ اجلاس میں صوبے میں ترقیاتی منصوبوں کا جائزہ لیا گیا اور فنڈز کی بروقت
33	بقیہ
فراہمی یقینی بنانے کی ہدایت کی گئی۔ راستہ ستر ہزار سے زائد متاثرین کی بحالی کیلئے اقدامات کیے گئے ہیں اور متعلقہ اداروں کو ہدایت کی گئی ہے کہ امدادی سرگرمیاں تیز کی جائیں۔ بارشوں کے باعث متعدد اضلاع میں سیلابی صورتحال پیدا ہو گئی جبکہ انتظامیہ نے ہنگامی بنیادوں پر ریلیف کیمپ قائم کر دیے ہیں۔ وزیراعلیٰ نے متاثرہ خاندانوں کیلئے مالی امداد کا اعلان کیا اور کہا کہ عوام کی جان و مال کا تحفظ حکومت کی اولین ترجیح ہے۔ عدالت نے کیس کی سماعت کے دوران فریقین کو نوٹس جاری کرتے ہوئے جواب طلب کر لیا جبکہ وکلا نے دلائل مکمل کر لیے۔ پولیس نے ملزمان کو گرفتار کر کے مقدمہ درج کر لیا اور تفتیش کا عمل جاری ہے۔ اجلاس میں صوبے میں ترقیاتی منصوبوں کا جائزہ لیا گیا اور فنڈز کی بروقت فراہمی یقینی
34	بقیہ
بنانے کی ہدایت کی گئی۔ راستہ ستر ہزار سے زائد متاثرین کی بحالی کیلئے اقدامات کیے گئے ہیں اور متعلقہ اداروں کو ہدایت کی گئی ہے کہ امدادی سرگرمیاں تیز کی جائیں۔ بارشوں
35	بقیہ
کے باعث متعدد اضلاع میں سیلابی صورتحال پیدا ہو گئی جبکہ انتظامیہ نے ہنگامی بنیادوں پر ریلیف کیمپ قائم کر دیے ہیں۔ وزیراعلیٰ نے متاثرہ خاندانوں کیلئے مالی امداد کا اعلان کیا اور کہا کہ عوام کی جان و مال کا تحفظ حکومت کی اولین ترجیح ہے۔ عدالت نے کیس کی سماعت کے دوران فریقین کو نوٹس جاری کرتے ہوئے جواب طلب کر لیا جبکہ وکلا نے دلائل مکمل کر لیے۔ پولیس نے ملزمان کو گرفتار کر کے مقدمہ درج کر لیا اور تفتیش کا عمل جاری ہے۔ اجلاس میں صوبے میں ترقیاتی منصوبوں کا جائزہ لیا گیا
36	بقیہ
اور فنڈز کی بروقت فراہمی یقینی بنانے کی ہدایت کی گئی۔ راستہ ستر ہزار سے زائد متاثرین کی بحالی کیلئے اقدامات کیے گئے ہیں اور متعلقہ اداروں کو ہدایت کی گئی ہے کہ امدادی سرگرمیاں تیز کی جائیں۔ بارشوں کے باعث متعدد اضلاع میں سیلابی صورتحال پیدا ہو گئی جبکہ انتظامیہ نے ہنگامی بنیادوں پر ریلیف کیمپ قائم کر دیے ہیں۔ وزیراعلیٰ نے متاثرہ خاندانوں کیلئے
37	بقیہ
مالی امداد کا اعلان کیا اور کہا کہ عوام کی جان و مال کا تحفظ حکومت کی اولین ترجیح ہے۔ عدالت نے کیس کی سماعت کے دوران فریقین کو نوٹس جاری کرتے ہوئے جواب طلب کر لیا جبکہ وکلا نے دلائل مکمل کر لیے۔ پولیس نے ملزمان کو گرفتار کر کے مقدمہ درج کر لیا اور تفتیش کا عمل جاری ہے۔ اجلاس میں صوبے میں ترقیاتی منصوبوں کا جائزہ لیا گیا اور فنڈز کی بروقت فراہمی یقینی بنانے کی ہدایت کی گئی۔ راستہ ستر ہزار سے زائد متاثرین کی بحالی کیلئے اقدامات کیے گئے ہیں اور متعلقہ اداروں
38	بقیہ
کو ہدایت کی گئی ہے کہ امدادی سرگرمیاں تیز کی جائیں۔ بارشوں کے باعث متعدد اضلاع میں سیلابی صورتحال پیدا ہو گئی جبکہ انتظامیہ نے ہنگامی بنیادوں پر ریلیف کیمپ قائم کر دیے ہیں۔ وزیراعلیٰ نے متاثرہ خاندانوں کیلئے مالی امداد کا اعلان کیا اور کہا کہ عوام کی جان و مال کا تحفظ حکومت کی اولین ترجیح ہے۔ عدالت نے کیس کی سماعت کے دوران فریقین کو نوٹس جاری کرتے ہوئے جواب طلب کر لیا جبکہ وکلا نے دلائل مکمل کر لیے۔ پولیس نے ملزمان کو گرفتار کر کے مقدمہ درج کر لیا اور تفتیش کا عمل جاری ہے۔ اجلاس میں صوبے میں ترقیاتی منصوبوں کا جائزہ لیا گیا اور فنڈز کی بروقت فراہمی
یقینی بنانے کی ہدایت کی گئی۔ راستہ ستر ہزار سے زائد متاثرین کی بحالی کیلئے اقدامات کیے گئے ہیں اور متعلقہ اداروں کو ہدایت کی گئی ہے کہ امدادی سرگرمیاں تیز کی جائیں۔ بارشوں کے باعث متعدد اضلاع میں سیلابی صورتحال پیدا ہو گئی جبکہ انتظامیہ نے ہنگامی بنیادوں
پر ریلیف کیمپ قائم کر دیے ہیں۔ وزیراعلیٰ نے متاثرہ خاندانوں کیلئے مالی امداد کا اعلان کیا اور کہا کہ عوام کی جان و مال کا تحفظ حکومت کی اولین ترجیح ہے۔ عدالت نے کیس کی سماعت کے دوران فریقین کو نوٹس جاری کرتے ہوئے جواب طلب کر لیا جبکہ وکلا نے دلائل مکمل کر لیے۔ پولیس نے ملزمان کو گرفتار کر کے مقدمہ درج کر لیا اور تفتیش کا عمل جاری ہے۔ اجلاس میں صوبے میں ترقیاتی منصوبوں کا جائزہ لیا گیا اور فنڈز کی بروقت فراہمی یقینی بنانے کی ہدایت کی گئی۔ راستہ ستر ہزار سے زائد متاثرین کی بحالی کیلئے اقدامات کیے گئے ہیں اور متعلقہ اداروں کو ہدایت کی گئی ہے کہ امدادی سرگرمیاں تیز کی جائیں۔ بارشوں کے باعث متعدد اضلاع میں سیلابی صورتحال پیدا ہو گئی جبکہ انتظامیہ نے ہنگامی بنیادوں پر ریلیف کیمپ قائم کر دیے ہیں۔ وزیراعلیٰ نے متاثرہ خاندانوں کیلئے مالی امداد کا اعلان کیا اور کہا کہ عوام کی جان و مال کا تحفظ
39	بقیہ
حکومت کی اولین ترجیح ہے۔ عدالت نے کیس کی سماعت کے دوران فریقین کو نوٹس جاری کرتے ہوئے جواب طلب کر لیا جبکہ وکلا نے دلائل مکمل کر لیے۔ پولیس نے ملزمان کو گرفتار کر کے مقدمہ درج کر لیا اور
40	بقیہ
تفتیش کا عمل جاری ہے۔ اجلاس میں صوبے میں ترقیاتی منصوبوں کا جائزہ لیا گیا اور فنڈز کی بروقت فراہمی یقینی بنانے کی ہدایت کی گئی۔ راستہ ستر ہزار سے زائد متاثرین کی بحالی کیلئے اقدامات کیے گئے ہیں اور متعلقہ اداروں کو ہدایت کی گئی ہے کہ امدادی سرگرمیاں تیز کی جائیں۔ بارشوں کے باعث متعدد اضلاع میں سیلابی صورتحال پیدا ہو گئی جبکہ انتظامیہ نے ہنگامی بنیادوں پر ریلیف کیمپ قائم کر دیے ہیں۔ وزیراعلیٰ نے متاثرہ خاندانوں کیلئے مالی امداد کا اعلان کیا اور کہا کہ عوام کی جان و مال کا تحفظ حکومت کی اولین ترجیح ہے۔ عدالت نے کیس کی سماعت کے
41	بقیہ
دوران فریقین کو نوٹس جاری کرتے ہوئے جواب طلب کر لیا جبکہ وکلا نے دلائل مکمل کر لیے۔ پولیس نے ملزمان کو گرفتار کر کے مقدمہ درج کر لیا اور تفتیش کا عمل جاری ہے۔ اجلاس میں صوبے میں ترقیاتی منصوبوں کا جائزہ لیا گیا اور فنڈز کی بروقت فراہمی یقینی بنانے کی ہدایت کی گئی۔ راستہ ستر ہزار سے زائد متاثرین کی بحالی کیلئے اقدامات کیے گئے ہیں اور متعلقہ اداروں کو ہدایت کی گئی ہے کہ امدادی سرگرمیاں تیز کی جائیں۔ بارشوں کے باعث متعدد اضلاع میں سیلابی صورتحال پیدا ہو گئی جبکہ انتظامیہ نے ہنگامی بنیادوں پر ریلیف کیمپ قائم کر دیے ہیں۔ وزیراعلیٰ نے متاثرہ خاندانوں کیلئے مالی امداد کا اعلان کیا اور کہا کہ عوام کی جان و مال کا تحفظ حکومت کی اولین ترجیح ہے۔ عدالت نے کیس کی سماعت کے دوران فریقین کو نوٹس جاری کرتے ہوئے جواب طلب کر لیا جبکہ وکلا نے دلائل مکمل کر لیے۔ پولیس
42	بقیہ
نے ملزمان کو گرفتار کر کے مقدمہ درج کر لیا اور تفتیش کا عمل جاری ہے۔ اجلاس میں صوبے میں ترقیاتی منصوبوں کا جائزہ لیا گیا اور فنڈز کی بروقت فراہمی یقینی بنانے کی ہدایت کی گئی۔ راستہ ستر ہزار سے زائد متاثرین کی بحالی کیلئے اقدامات کیے گئے ہیں اور متعلقہ اداروں کو ہدایت کی گئی ہے کہ امدادی سرگرمیاں تیز کی جائیں۔ بارشوں کے باعث متعدد اضلاع میں سیلابی صورتحال پیدا ہو گئی جبکہ انتظامیہ نے ہنگامی بنیادوں پر ریلیف کیمپ قائم کر دیے ہیں۔ وزیراعلیٰ نے متاثرہ خاندانوں کیلئے مالی امداد کا اعلان کیا اور کہا کہ عوام کی جان و مال کا تحفظ حکومت کی اولین ترجیح ہے۔ عدالت نے کیس
43	بقیہ
کی سماعت کے دوران فریقین کو نوٹس جاری کرتے ہوئے جواب طلب کر لیا جبکہ وکلا نے دلائل مکمل کر لیے۔ پولیس نے ملزمان کو گرفتار کر کے مقدمہ درج کر لیا اور تفتیش کا عمل جاری ہے۔ اجلاس میں صوبے میں ترقیاتی منصوبوں کا جائزہ لیا گیا اور فنڈز کی بروقت فراہمی یقینی بنانے کی ہدایت کی گئی۔ راستہ ستر ہزار سے زائد متاثرین کی
44	بقیہ
بحالی کیلئے اقدامات کیے گئے ہیں اور متعلقہ اداروں کو ہدایت کی گئی ہے کہ امدادی
45	بقیہ
سرگرمیاں تیز کی جائیں۔ بارشوں کے باعث متعدد اضلاع میں سیلابی صورتحال پیدا ہو گئی جبکہ انتظامیہ نے ہنگامی بنیادوں پر ریلیف کیمپ قائم کر دیے ہیں۔ وزیراعلیٰ نے متاثرہ خاندانوں کیلئے مالی امداد کا اعلان کیا اور کہا کہ عوام کی جان و مال کا تحفظ حکومت کی اولین ترجیح ہے۔ عدالت نے کیس کی سماعت کے دوران فریقین کو نوٹس جاری کرتے ہوئے جواب طلب کر لیا جبکہ وکلا نے دلائل مکمل کر لیے۔ پولیس نے ملزمان کو گرفتار کر
46	بقیہ
کے مقدمہ درج کر لیا اور تفتیش کا عمل جاری ہے۔ اجلاس میں صوبے میں ترقیاتی منصوبوں کا جائزہ لیا گیا اور فنڈز کی بروقت فراہمی یقینی بنانے کی ہدایت کی گئی۔ راستہ ستر ہزار سے زائد متاثرین کی بحالی کیلئے اقدامات کیے گئے ہیں اور متعلقہ اداروں کو ہدایت کی گئی ہے کہ امدادی سرگرمیاں تیز کی جائیں۔ بارشوں کے باعث متعدد اضلاع میں سیلابی
47	بقیہ
صورتحال پیدا ہو گئی جبکہ انتظامیہ نے ہنگامی بنیادوں پر ریلیف کیمپ قائم کر دیے ہیں۔ وزیراعلیٰ نے متاثرہ خاندانوں کیلئے مالی امداد کا اعلان کیا اور کہا کہ عوام کی جان و مال کا تحفظ حکومت کی اولین ترجیح ہے۔ عدالت نے کیس کی سماعت کے دوران فریقین کو نوٹس جاری کرتے ہوئے جواب طلب کر لیا جبکہ وکلا نے دلائل مکمل کر لیے۔ پولیس نے ملزمان کو گرفتار کر کے مقدمہ درج
48	بقیہ
کر لیا اور تفتیش کا عمل جاری ہے۔ اجلاس میں صوبے میں ترقیاتی منصوبوں کا جائزہ لیا گیا اور فنڈز کی بروقت فراہمی یقینی بنانے کی ہدایت کی گئی۔ راستہ ستر ہزار سے زائد متاثرین کی بحالی کیلئے اقدامات کیے گئے ہیں اور متعلقہ اداروں کو ہدایت کی گئی ہے کہ امدادی سرگرمیاں تیز کی جائیں۔ بارشوں کے باعث متعدد اضلاع میں سیلابی صورتحال پیدا ہو گئی جبکہ انتظامیہ نے ہنگامی بنیادوں پر ریلیف کیمپ قائم کر دیے ہیں۔ وزیراعلیٰ نے متاثرہ خاندانوں کیلئے مالی امداد کا اعلان کیا اور کہا کہ عوام کی جان و مال کا تحفظ حکومت کی اولین ترجیح ہے۔ عدالت نے کیس کی سماعت کے دوران فریقین کو نوٹس جاری کرتے ہوئے جواب طلب کر لیا جبکہ وکلا نے دلائل مکمل کر لیے۔ پولیس نے ملزمان کو گرفتار کر کے مقدمہ درج کر لیا اور تفتیش کا عمل جاری ہے۔ اجلاس میں صوبے میں ترقیاتی منصوبوں کا جائزہ لیا گیا اور فنڈز کی بروقت فراہمی یقینی بنانے کی ہدایت کی گئی۔ راستہ ستر ہزار سے زائد متاثرین کی بحالی کیلئے اقدامات کیے گئے ہیں اور
49	بقیہ
متعلقہ اداروں کو ہدایت کی گئی ہے کہ امدادی سرگرمیاں تیز کی جائیں۔ بارشوں کے باعث متعدد اضلاع میں سیلابی صورتحال پیدا ہو گئی جبکہ انتظامیہ نے ہنگامی بنیادوں پر ریلیف کیمپ قائم کر دیے ہیں۔ وزیراعلیٰ نے متاثرہ خاندانوں کیلئے مالی امداد کا اعلان کیا اور کہا کہ عوام کی جان و مال کا تحفظ حکومت کی اولین ترجیح ہے۔ عدالت نے کیس کی سماعت کے دوران فریقین کو نوٹس جاری کرتے ہوئے جواب طلب کر لیا جبکہ وکلا نے دلائل مکمل کر لیے۔ پولیس نے ملزمان کو گرفتار کر کے مقدمہ درج کر لیا اور تفتیش کا عمل جاری ہے۔ اجلاس میں صوبے میں ترقیاتی منصوبوں کا جائزہ لیا گیا اور فنڈز کی بروقت فراہمی یقینی بنانے کی ہدایت کی گئی۔ راستہ ستر ہزار سے زائد متاثرین کی بحالی
50	بقیہ
کیلئے اقدامات کیے گئے ہیں اور متعلقہ اداروں کو ہدایت کی گئی ہے کہ امدادی سرگرمیاں تیز کی جائیں۔ بارشوں کے باعث متعدد اضلاع میں سیلابی صورتحال پیدا ہو گئی جبکہ انتظامیہ نے
51	بقیہ
ہنگامی بنیادوں پر ریلیف کیمپ قائم کر دیے ہیں۔ وزیراعلیٰ نے متاثرہ خاندانوں کیلئے مالی امداد کا اعلان کیا اور کہا کہ عوام کی جان و مال کا تحفظ حکومت کی اولین ترجیح ہے۔ عدالت نے کیس کی سماعت کے دوران فریقین کو نوٹس جاری کرتے ہوئے جواب طلب کر لیا جبکہ وکلا نے دلائل مکمل کر لیے۔ پولیس نے ملزمان کو گرفتار کر کے مقدمہ درج کر لیا اور تفتیش کا عمل جاری ہے۔ اجلاس میں صوبے میں ترقیاتی منصوبوں کا جائزہ لیا گیا اور فنڈز کی بروقت فراہمی یقینی بنانے کی ہدایت کی گئی۔ راستہ ستر ہزار سے زائد متاثرین کی بحالی کیلئے اقدامات کیے گئے ہیں اور متعلقہ اداروں کو ہدایت کی گئی ہے کہ امدادی سرگرمیاں تیز کی جائیں۔ بارشوں کے باعث متعدد اضلاع میں سیلابی صورتحال
52	بقیہ
پیدا ہو گئی جبکہ انتظامیہ نے ہنگامی بنیادوں پر ریلیف کیمپ قائم کر دیے ہیں۔ وزیراعلیٰ نے متاثرہ خاندانوں کیلئے مالی امداد کا اعلان کیا اور کہا کہ عوام کی جان و مال کا تحفظ حکومت کی اولین ترجیح ہے۔ عدالت
53	بقیہ
نے کیس کی سماعت کے دوران فریقین کو نوٹس جاری کرتے ہوئے جواب طلب کر لیا جبکہ وکلا نے دلائل مکمل کر لیے۔ پولیس نے ملزمان کو گرفتار کر کے مقدمہ درج کر لیا اور تفتیش کا عمل جاری ہے۔ اجلاس میں صوبے میں ترقیاتی منصوبوں کا جائزہ لیا گیا اور فنڈز کی بروقت فراہمی یقینی بنانے
54	بقیہ
کی ہدایت کی گئی۔ راستہ ستر ہزار سے زائد متاثرین کی بحالی کیلئے اقدامات کیے گئے ہیں اور متعلقہ اداروں کو ہدایت کی گئی ہے کہ امدادی سرگرمیاں تیز کی جائیں۔ بارشوں کے
55	بقیہ
باعث متعدد اضلاع میں سیلابی صورتحال پیدا ہو گئی جبکہ انتظامیہ نے ہنگامی بنیادوں پر ریلیف کیمپ قائم کر دیے ہیں۔ وزیراعلیٰ نے متاثرہ خاندانوں کیلئے مالی امداد کا اعلان کیا اور کہا کہ عوام کی جان و مال کا تحفظ حکومت کی اولین ترجیح ہے۔ عدالت نے کیس کی سماعت کے دوران فریقین کو نوٹس جاری
56	بقیہ
کرتے ہوئے جواب طلب کر لیا جبکہ وکلا نے دلائل مکمل کر لیے۔ پولیس نے ملزمان کو گرفتار کر کے مقدمہ درج کر لیا اور تفتیش کا عمل جاری ہے۔ اجلاس میں صوبے میں ترقیاتی منصوبوں کا جائزہ لیا گیا اور
57	بقیہ
فنڈز کی بروقت فراہمی یقینی بنانے کی ہدایت کی گئی۔ راستہ ستر ہزار سے زائد متاثرین کی بحالی کیلئے اقدامات کیے گئے ہیں اور متعلقہ اداروں کو ہدایت کی گئی ہے کہ امدادی سرگرمیاں تیز کی جائیں۔ بارشوں کے باعث متعدد اضلاع میں سیلابی صورتحال پیدا ہو گئی جبکہ انتظامیہ نے ہنگامی بنیادوں پر ریلیف کیمپ قائم کر دیے ہیں۔ وزیراعلیٰ نے متاثرہ خاندانوں کیلئے مالی امداد کا اعلان کیا اور کہا کہ عوام کی جان و مال کا تحفظ حکومت کی
58	بقیہ
اولین ترجیح ہے۔ عدالت نے کیس کی سماعت کے دوران فریقین کو نوٹس جاری کرتے ہوئے جواب طلب کر لیا جبکہ وکلا نے دلائل مکمل کر لیے۔ پولیس نے ملزمان کو گرفتار کر کے مقدمہ درج کر لیا اور تفتیش کا عمل جاری ہے۔ اجلاس میں صوبے میں ترقیاتی منصوبوں کا جائزہ لیا گیا اور فنڈز کی بروقت فراہمی یقینی بنانے کی ہدایت کی گئی۔ راستہ ستر ہزار سے زائد متاثرین کی بحالی کیلئے
59	بقیہ
اقدامات کیے گئے ہیں اور متعلقہ اداروں کو ہدایت کی گئی ہے کہ امدادی سرگرمیاں تیز کی جائیں۔ بارشوں کے باعث متعدد اضلاع میں سیلابی
